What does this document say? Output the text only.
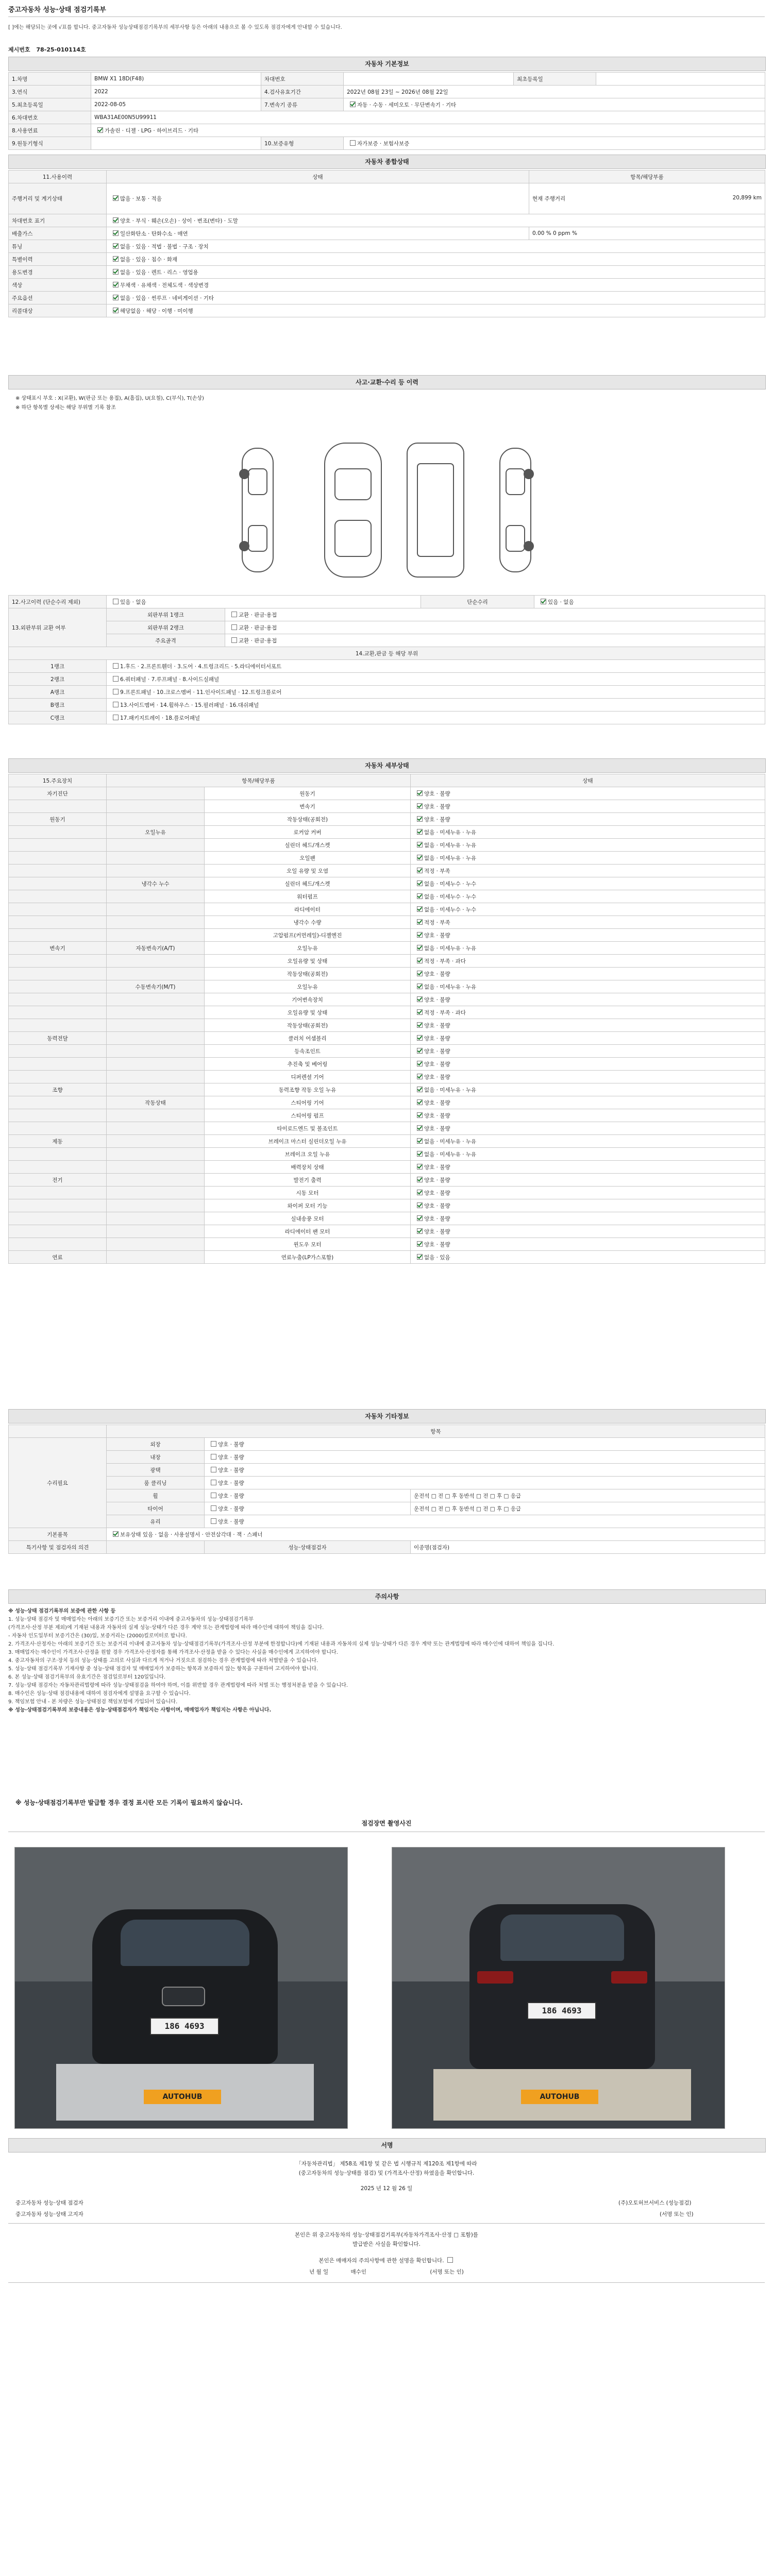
중고자동차 성능·상태 점검기록부
[ ]에는 해당되는 곳에 √표를 합니다. 중고자동차 성능상태점검기록부의 세부사항 등은 아래의 내용으로 볼 수 있도록 점검자에게 안내할 수 있습니다.
제시번호 78-25-010114호
자동차 기본정보
1.차명	BMW X1 18D(F48)	차대번호		최초등록일	
3.연식	2022	4.검사유효기간	2022년 08월 23일 ~ 2026년 08월 22일		
5.최초등록일	2022-08-05	7.변속기 종류	자동 · 수동 · 세미오토 · 무단변속기 · 기타		
6.차대번호	WBA31AE00N5U99911				
8.사용연료	가솔린 · 디젤 · LPG · 하이브리드 · 기타				
9.원동기형식		10.보증유형	자가보증 · 보험사보증		
자동차 종합상태
11.사용이력	상태	항목/해당부품
주행거리 및 계기상태	많음 · 보통 · 적음	현재 주행거리 20,899 km

차대번호 표기	양호 · 부식 · 훼손(오손) · 상이 · 변조(변타) · 도말	
배출가스	일산화탄소 · 탄화수소 · 매연	0.00 % 0 ppm %
튜닝	없음 · 있음 · 적법 · 불법 · 구조 · 장치	
특별이력	없음 · 있음 · 침수 · 화재	
용도변경	없음 · 있음 · 렌트 · 리스 · 영업용	
색상	무채색 · 유채색 · 전체도색 · 색상변경	
주요옵션	없음 · 있음 · 썬루프 · 네비게이션 · 기타	
리콜대상	해당없음 · 해당 · 이행 · 미이행	
사고·교환·수리 등 이력
※ 상태표시 부호 : X(교환), W(판금 또는 용접), A(흠집), U(요철), C(부식), T(손상)
※ 하단 항목별 상세는 해당 부위별 기록 참조
12.사고이력 (단순수리 제외)	있음 · 없음		단순수리	있음 · 없음
13.외판부위 교환 여부	외판부위 1랭크	교환 · 판금·용접		
	외판부위 2랭크	교환 · 판금·용접		
	주요골격	교환 · 판금·용접		
14.교환,판금 등 해당 부위				
1랭크	1.후드 · 2.프론트휀더 · 3.도어 · 4.트렁크리드 · 5.라디에이터서포트			
2랭크	6.쿼터패널 · 7.루프패널 · 8.사이드실패널			
A랭크	9.프론트패널 · 10.크로스멤버 · 11.인사이드패널 · 12.트렁크플로어			
B랭크	13.사이드멤버 · 14.휠하우스 · 15.필러패널 · 16.대쉬패널			
C랭크	17.패키지트레이 · 18.플로어패널			
자동차 세부상태
15.주요장치	항목/해당부품		상태
자기진단		원동기	양호 · 불량
		변속기	양호 · 불량
원동기		작동상태(공회전)	양호 · 불량
	오일누유	로커암 커버	없음 · 미세누유 · 누유
		실린더 헤드/개스켓	없음 · 미세누유 · 누유
		오일팬	없음 · 미세누유 · 누유
		오일 유량 및 오염	적정 · 부족
	냉각수 누수	실린더 헤드/개스켓	없음 · 미세누수 · 누수
		워터펌프	없음 · 미세누수 · 누수
		라디에이터	없음 · 미세누수 · 누수
		냉각수 수량	적정 · 부족
		고압펌프(커먼레일)-디젤엔진	양호 · 불량
변속기	자동변속기(A/T)	오일누유	없음 · 미세누유 · 누유
		오일유량 및 상태	적정 · 부족 · 과다
		작동상태(공회전)	양호 · 불량
	수동변속기(M/T)	오일누유	없음 · 미세누유 · 누유
		기어변속장치	양호 · 불량
		오일유량 및 상태	적정 · 부족 · 과다
		작동상태(공회전)	양호 · 불량
동력전달		클러치 어셈블리	양호 · 불량
		등속조인트	양호 · 불량
		추진축 및 베어링	양호 · 불량
		디퍼렌셜 기어	양호 · 불량
조향		동력조향 작동 오일 누유	없음 · 미세누유 · 누유
	작동상태	스티어링 기어	양호 · 불량
		스티어링 펌프	양호 · 불량
		타이로드엔드 및 볼조인트	양호 · 불량
제동		브레이크 마스터 실린더오일 누유	없음 · 미세누유 · 누유
		브레이크 오일 누유	없음 · 미세누유 · 누유
		배력장치 상태	양호 · 불량
전기		발전기 출력	양호 · 불량
		시동 모터	양호 · 불량
		와이퍼 모터 기능	양호 · 불량
		실내송풍 모터	양호 · 불량
		라디에이터 팬 모터	양호 · 불량
		윈도우 모터	양호 · 불량
연료		연료누출(LP가스포함)	없음 · 있음
자동차 기타정보
	항목		
수리필요	외장	양호 · 불량	
	내장	양호 · 불량	
	광택	양호 · 불량	
	룸 클리닝	양호 · 불량	
	휠	양호 · 불량	운전석 □ 전 □ 후 동반석 □ 전 □ 후 □ 응급
	타이어	양호 · 불량	운전석 □ 전 □ 후 동반석 □ 전 □ 후 □ 응급
	유리	양호 · 불량	
기본품목	보유상태 있음 · 없음 · 사용설명서 · 안전삼각대 · 잭 · 스패너		
특기사항 및 점검자의 의견		성능·상태점검자	이종명(점검자)
주의사항
※ 성능·상태 점검기록부의 보증에 관한 사항 등
1. 성능·상태 점검자 및 매매업자는 아래의 보증기간 또는 보증거리 이내에 중고자동차의 성능·상태점검기록부
(가격조사·산정 부분 제외)에 기재된 내용과 자동차의 실제 성능·상태가 다른 경우 계약 또는 관계법령에 따라 매수인에 대하여 책임을 집니다.
- 자동차 인도일부터 보증기간은 (30)일, 보증거리는 (2000)킬로미터로 합니다.
2. 가격조사·산정자는 아래의 보증기간 또는 보증거리 이내에 중고자동차 성능·상태점검기록부(가격조사·산정 부분에 한정합니다)에 기재된 내용과 자동차의 실제 성능·상태가 다른 경우 계약 또는 관계법령에 따라 매수인에 대하여 책임을 집니다.
3. 매매업자는 매수인이 가격조사·산정을 원할 경우 가격조사·산정자를 통해 가격조사·산정을 받을 수 있다는 사실을 매수인에게 고지하여야 합니다.
4. 중고자동차의 구조·장치 등의 성능·상태를 고의로 사실과 다르게 적거나 거짓으로 점검하는 경우 관계법령에 따라 처벌받을 수 있습니다.
5. 성능·상태 점검기록부 기재사항 중 성능·상태 점검자 및 매매업자가 보증하는 항목과 보증하지 않는 항목을 구분하여 고지하여야 합니다.
6. 본 성능·상태 점검기록부의 유효기간은 점검일로부터 120일입니다.
7. 성능·상태 점검자는 자동차관리법령에 따라 성능·상태점검을 하여야 하며, 이를 위반할 경우 관계법령에 따라 처벌 또는 행정처분을 받을 수 있습니다.
8. 매수인은 성능·상태 점검내용에 대하여 점검자에게 설명을 요구할 수 있습니다.
9. 책임보험 안내 - 본 차량은 성능·상태점검 책임보험에 가입되어 있습니다.
※ 성능·상태점검기록부의 보증내용은 성능·상태점검자가 책임지는 사항이며, 매매업자가 책임지는 사항은 아닙니다.
※ 성능·상태점검기록부만 발급할 경우 결정 표시란 모든 기록이 필요하지 않습니다.
점검장면 촬영사진
186 4693
AUTOHUB
186 4693
AUTOHUB
서명
「자동차관리법」 제58조 제1항 및 같은 법 시행규칙 제120조 제1항에 따라
(중고자동차의 성능·상태를 점검) 및 (가격조사·산정) 하였음을 확인합니다.
2025 년 12 월 26 일
중고자동차 성능·상태 점검자	(주)오토허브서비스 (성능점검)
중고자동차 성능·상태 고지자	(서명 또는 인)
본인은 위 중고자동차의 성능·상태점검기록부(자동차가격조사·산정 □ 포함)를
발급받은 사실을 확인합니다.
본인은 매매자의 주의사항에 관한 설명을 확인합니다.
년 월 일	매수인	(서명 또는 인)
